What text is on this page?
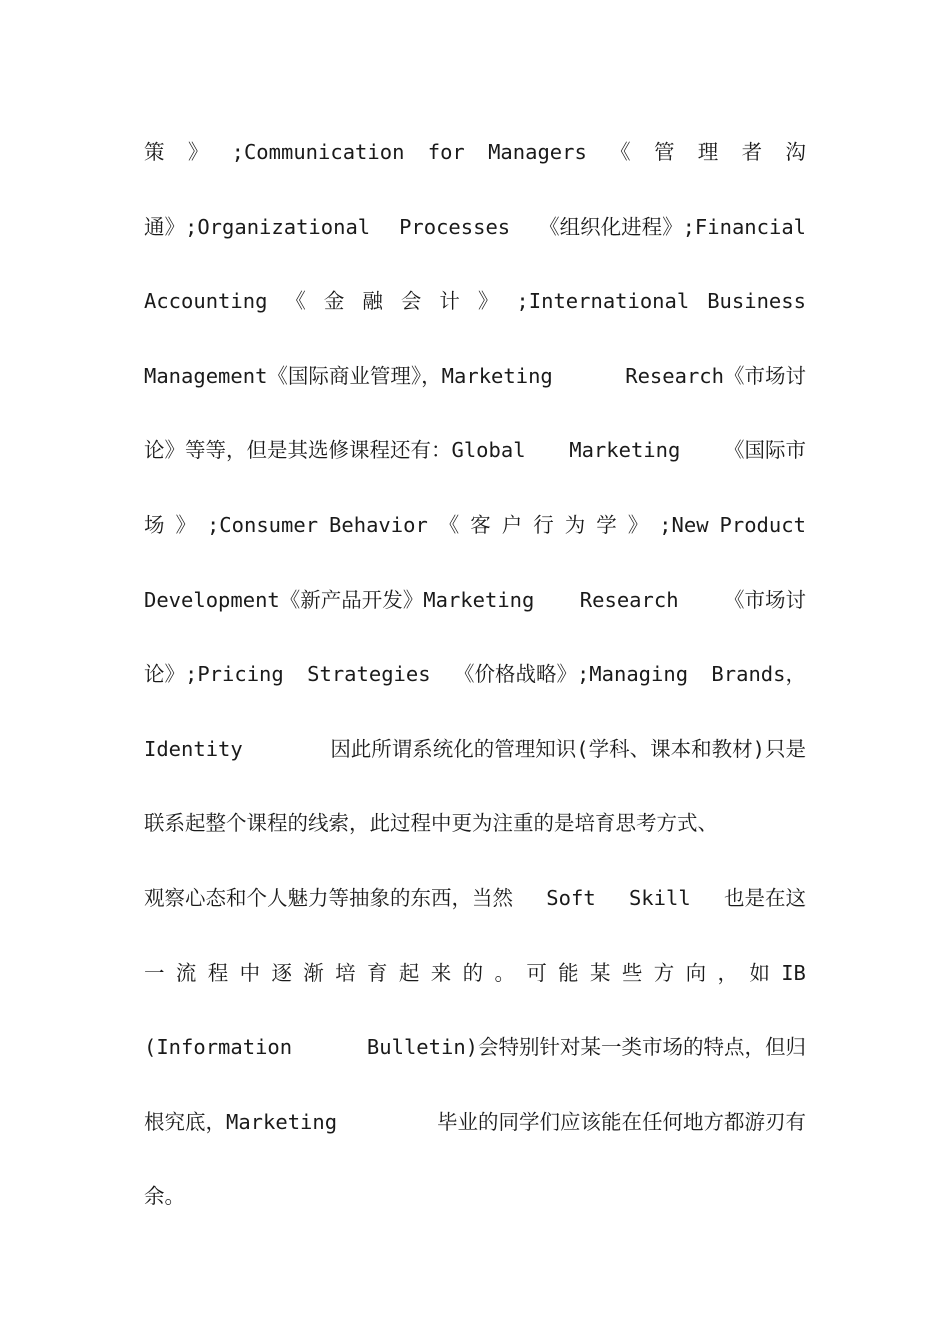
策 》 ;Communication for Managers 《 管 理 者 沟
通》;Organizational Processes 《组织化进程》;Financial
Accounting 《 金 融 会 计 》 ;International Business
Management《国际商业管理》，Marketing	Research《市场讨
论》等等，但是其选修课程还有：Global Marketing 《国际市
场 》 ;Consumer Behavior 《 客 户 行 为 学 》 ;New Product
Development《新产品开发》Marketing Research 《市场讨
论》;Pricing Strategies 《价格战略》;Managing Brands，
Identity	因此所谓系统化的管理知识(学科、课本和教材)只是
联系起整个课程的线索，此过程中更为注重的是培育思考方式、
观察心态和个人魅力等抽象的东西，当然 Soft Skill 也是在这
一 流 程 中 逐 渐 培 育 起 来 的 。 可 能 某 些 方 向 ， 如 IB
(Information	Bulletin)会特别针对某一类市场的特点，但归
根究底，Marketing	毕业的同学们应该能在任何地方都游刃有
余。
